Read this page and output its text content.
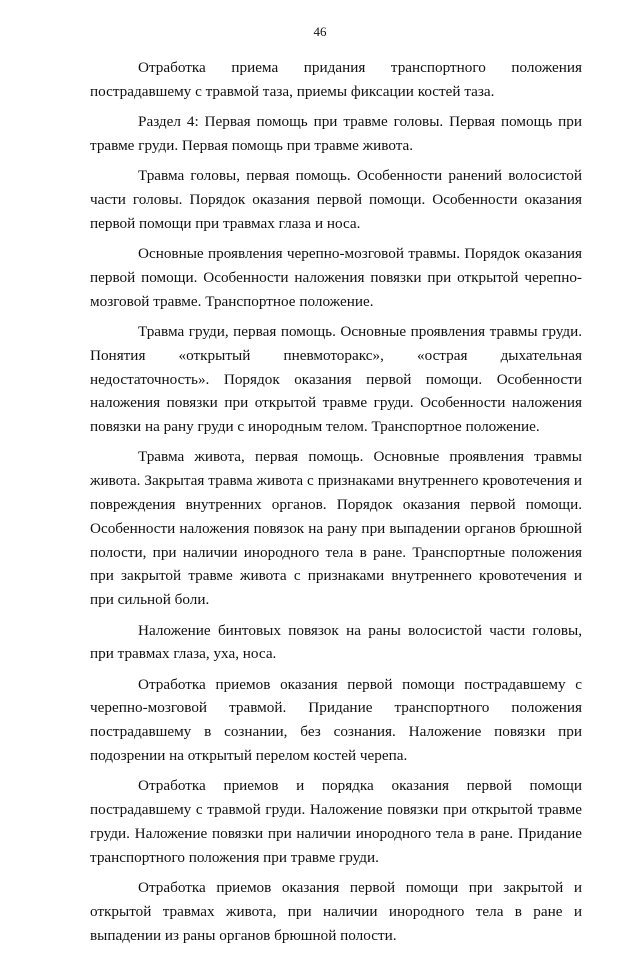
46

Отработка приема придания транспортного положения пострадавшему с травмой таза, приемы фиксации костей таза.

Раздел 4: Первая помощь при травме головы. Первая помощь при травме груди. Первая помощь при травме живота.

Травма головы, первая помощь. Особенности ранений волосистой части головы. Порядок оказания первой помощи. Особенности оказания первой помощи при травмах глаза и носа.

Основные проявления черепно-мозговой травмы. Порядок оказания первой помощи. Особенности наложения повязки при открытой черепно-мозговой травме. Транспортное положение.

Травма груди, первая помощь. Основные проявления травмы груди. Понятия «открытый пневмоторакс», «острая дыхательная недостаточность». Порядок оказания первой помощи. Особенности наложения повязки при открытой травме груди. Особенности наложения повязки на рану груди с инородным телом. Транспортное положение.

Травма живота, первая помощь. Основные проявления травмы живота. Закрытая травма живота с признаками внутреннего кровотечения и повреждения внутренних органов. Порядок оказания первой помощи. Особенности наложения повязок на рану при выпадении органов брюшной полости, при наличии инородного тела в ране. Транспортные положения при закрытой травме живота с признаками внутреннего кровотечения и при сильной боли.

Наложение бинтовых повязок на раны волосистой части головы, при травмах глаза, уха, носа.

Отработка приемов оказания первой помощи пострадавшему с черепно-мозговой травмой. Придание транспортного положения пострадавшему в сознании, без сознания. Наложение повязки при подозрении на открытый перелом костей черепа.

Отработка приемов и порядка оказания первой помощи пострадавшему с травмой груди. Наложение повязки при открытой травме груди. Наложение повязки при наличии инородного тела в ране. Придание транспортного положения при травме груди.

Отработка приемов оказания первой помощи при закрытой и открытой травмах живота, при наличии инородного тела в ране и выпадении из раны органов брюшной полости.
